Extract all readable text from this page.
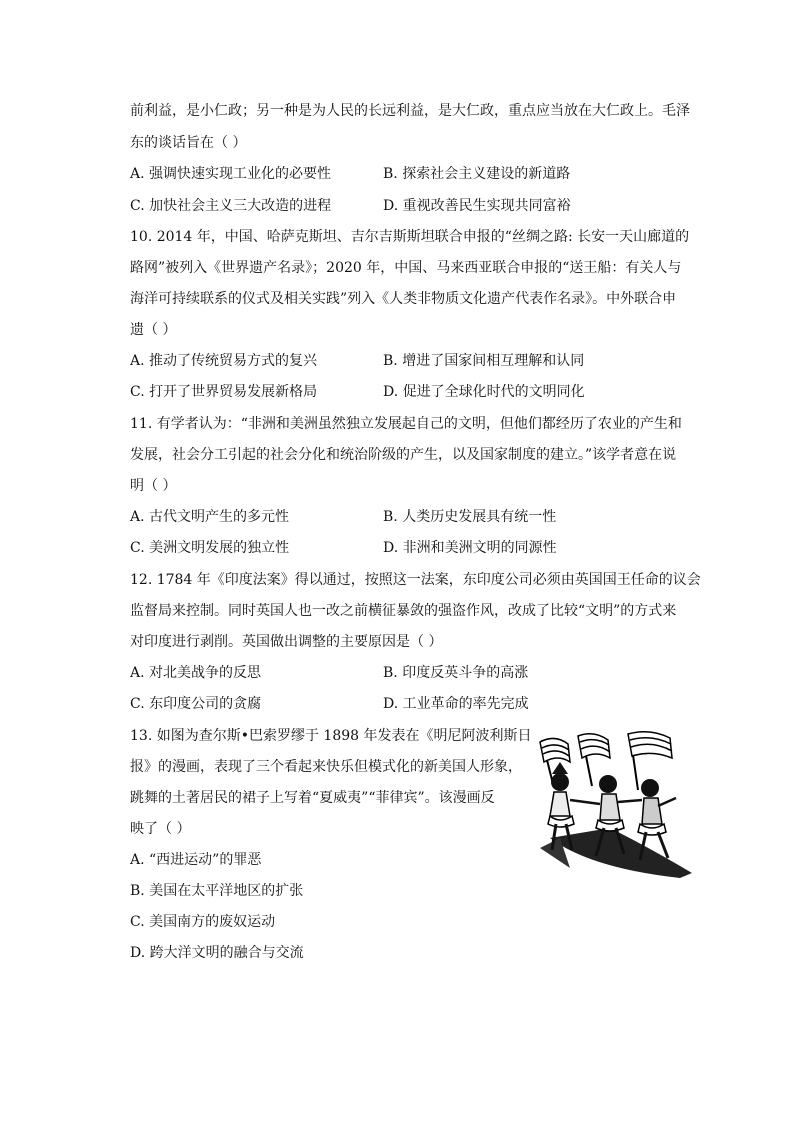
前利益，是小仁政；另一种是为人民的长远利益，是大仁政，重点应当放在大仁政上。毛泽
东的谈话旨在（ ）
A. 强调快速实现工业化的必要性	B. 探索社会主义建设的新道路
C. 加快社会主义三大改造的进程	D. 重视改善民生实现共同富裕
10. 2014 年，中国、哈萨克斯坦、吉尔吉斯斯坦联合申报的“丝绸之路: 长安一天山廊道的
路网”被列入《世界遗产名录》；2020 年，中国、马来西亚联合申报的“送王船：有关人与
海洋可持续联系的仪式及相关实践”列入《人类非物质文化遗产代表作名录》。中外联合申
遗（ ）
A. 推动了传统贸易方式的复兴	B. 增进了国家间相互理解和认同
C. 打开了世界贸易发展新格局	D. 促进了全球化时代的文明同化
11. 有学者认为：“非洲和美洲虽然独立发展起自己的文明，但他们都经历了农业的产生和
发展，社会分工引起的社会分化和统治阶级的产生，以及国家制度的建立。”该学者意在说
明（ ）
A. 古代文明产生的多元性	B. 人类历史发展具有统一性
C. 美洲文明发展的独立性	D. 非洲和美洲文明的同源性
12. 1784 年《印度法案》得以通过，按照这一法案，东印度公司必须由英国国王任命的议会
监督局来控制。同时英国人也一改之前横征暴敛的强盗作风，改成了比较“文明”的方式来
对印度进行剥削。英国做出调整的主要原因是（ ）
A. 对北美战争的反思	B. 印度反英斗争的高涨
C. 东印度公司的贪腐	D. 工业革命的率先完成
13. 如图为查尔斯•巴索罗缪于 1898 年发表在《明尼阿波利斯日
报》的漫画，表现了三个看起来快乐但模式化的新美国人形象，
跳舞的土著居民的裙子上写着“夏威夷”“菲律宾”。该漫画反
映了（ ）
A. “西进运动”的罪恶
B. 美国在太平洋地区的扩张
C. 美国南方的废奴运动
D. 跨大洋文明的融合与交流
